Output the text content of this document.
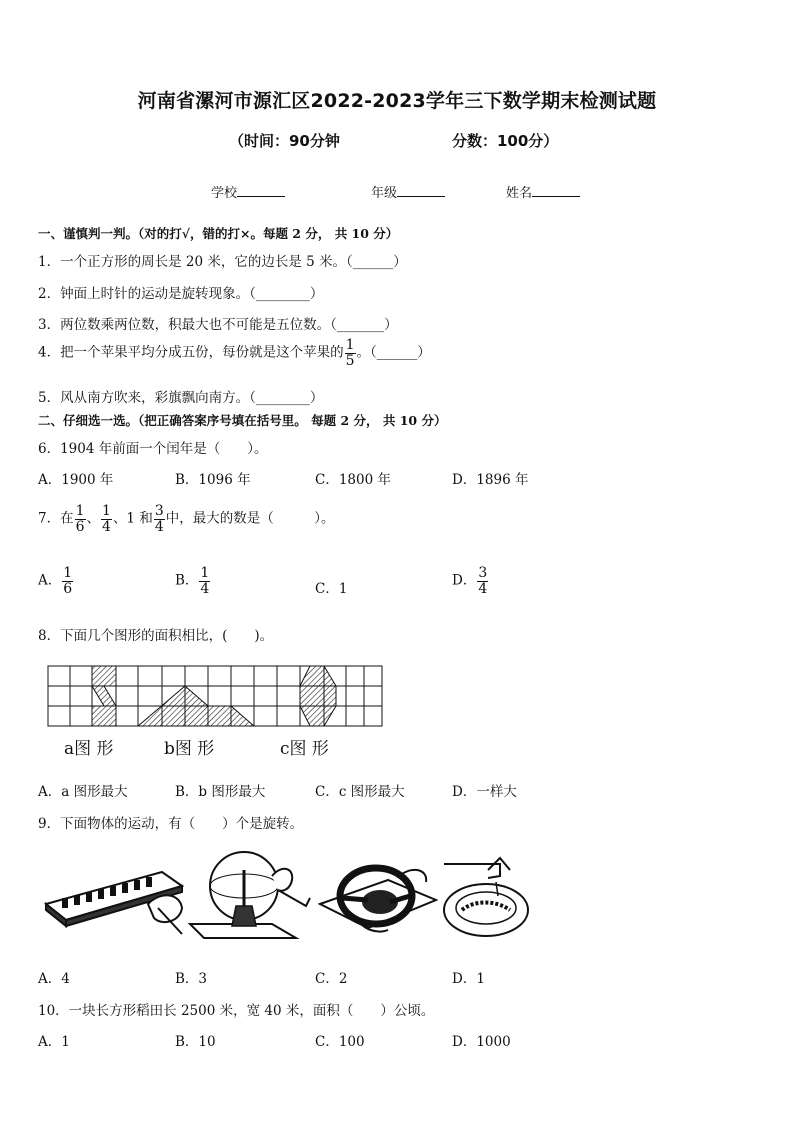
河南省漯河市源汇区2022-2023学年三下数学期末检测试题
（时间：90分钟	分数：100分）
学校	年级	姓名
一、谨慎判一判。（对的打√，错的打×。每题 2 分， 共 10 分）
1．一个正方形的周长是 20 米，它的边长是 5 米。（______）
2．钟面上时针的运动是旋转现象。（________）
3．两位数乘两位数，积最大也不可能是五位数。（_______）
4．把一个苹果平均分成五份，每份就是这个苹果的 $\frac{1}{5}$ 。（______）
5．风从南方吹来，彩旗飘向南方。（________）
二、仔细选一选。（把正确答案序号填在括号里。 每题 2 分， 共 10 分）
6．1904 年前面一个闰年是（　　）。
A．1900 年	B．1096 年	C．1800 年	D．1896 年
7．在 $\frac{1}{6}$ 、 $\frac{1}{4}$ 、1 和 $\frac{3}{4}$ 中，最大的数是（　　　）。
A． $\frac{1}{6}$	B． $\frac{1}{4}$	C．1
D． $\frac{3}{4}$
8．下面几个图形的面积相比，(　　)。
a图 形	b图 形	c图 形
A．a 图形最大	B．b 图形最大	C．c 图形最大	D．一样大
9．下面物体的运动，有（　　）个是旋转。
A．4	B．3	C．2	D．1
10．一块长方形稻田长 2500 米，宽 40 米，面积（　　）公顷。
A．1	B．10	C．100	D．1000
